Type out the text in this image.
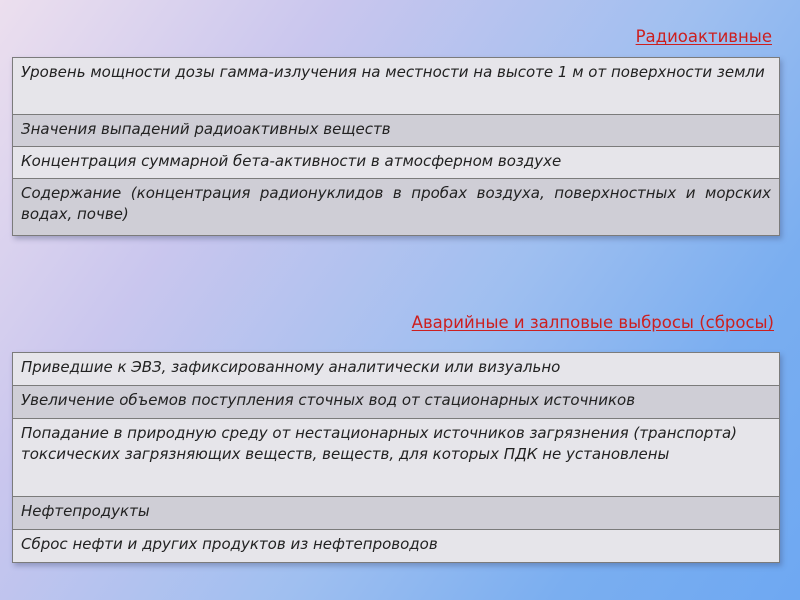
Радиоактивные
Уровень мощности дозы гамма-излучения на местности на высоте 1 м от поверхности земли
Значения выпадений радиоактивных веществ
Концентрация суммарной бета-активности в атмосферном воздухе
Содержание (концентрация радионуклидов в пробах воздуха, поверхностных и морских водах, почве)
Аварийные и залповые выбросы (сбросы)
Приведшие к ЭВЗ, зафиксированному аналитически или визуально
Увеличение объемов поступления сточных вод от стационарных источников
Попадание в природную среду от нестационарных источников загрязнения (транспорта) токсических загрязняющих веществ, веществ, для которых ПДК не установлены
Нефтепродукты
Сброс нефти и других продуктов из нефтепроводов
